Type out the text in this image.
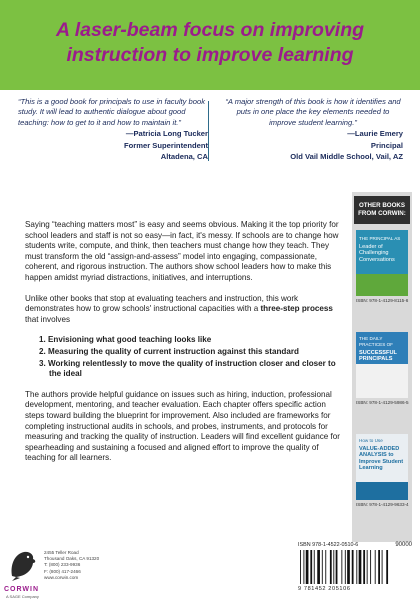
A laser-beam focus on improving instruction to improve learning
“This is a good book for principals to use in faculty book study. It will lead to authentic dialogue about good teaching: how to get to it and how to maintain it.”
—Patricia Long Tucker
Former Superintendent
Altadena, CA
“A major strength of this book is how it identifies and puts in one place the key elements needed to improve student learning.”
—Laurie Emery
Principal
Old Vail Middle School, Vail, AZ

Saying “teaching matters most” is easy and seems obvious. Making it the top priority for school leaders and staff is not so easy—in fact, it's messy. If schools are to change how students write, compute, and think, then teachers must change how they teach. They must transform the old “assign-and-assess” model into engaging, compassionate, coherent, and rigorous instruction. The authors show school leaders how to make this happen amidst myriad distractions, initiatives, and interruptions.

Unlike other books that stop at evaluating teachers and instruction, this work demonstrates how to grow schools' instructional capacities with a three-step process that involves

1. Envisioning what good teaching looks like
2. Measuring the quality of current instruction against this standard
3. Working relentlessly to move the quality of instruction closer and closer to the ideal

The authors provide helpful guidance on issues such as hiring, induction, professional development, mentoring, and teacher evaluation. Each chapter offers specific action steps toward building the blueprint for improvement. Also included are frameworks for completing instructional audits in schools, and probes, instruments, and protocols for measuring and tracking the quality of instruction. Leaders will find excellent guidance for spearheading and sustaining a focused and aligned effort to improve the quality of teaching for all learners.

OTHER BOOKS FROM CORWIN:
THE PRINCIPAL AS
Leader of Challenging Conversations
ISBN: 978-1-4129-8115-6
THE DAILY PRACTICES OF
SUCCESSFUL PRINCIPALS
ISBN: 978-1-4129-5986-5
How to Use
VALUE-ADDED ANALYSIS to Improve Student Learning
ISBN: 978-1-4129-9633-4
CORWIN
A SAGE Company
2455 Teller Road
Thousand Oaks, CA 91320
T: (800) 233-9936
F: (800) 417-2466
www.corwin.com
ISBN 978-1-4522-0510-6	90000
9 781452 205106
